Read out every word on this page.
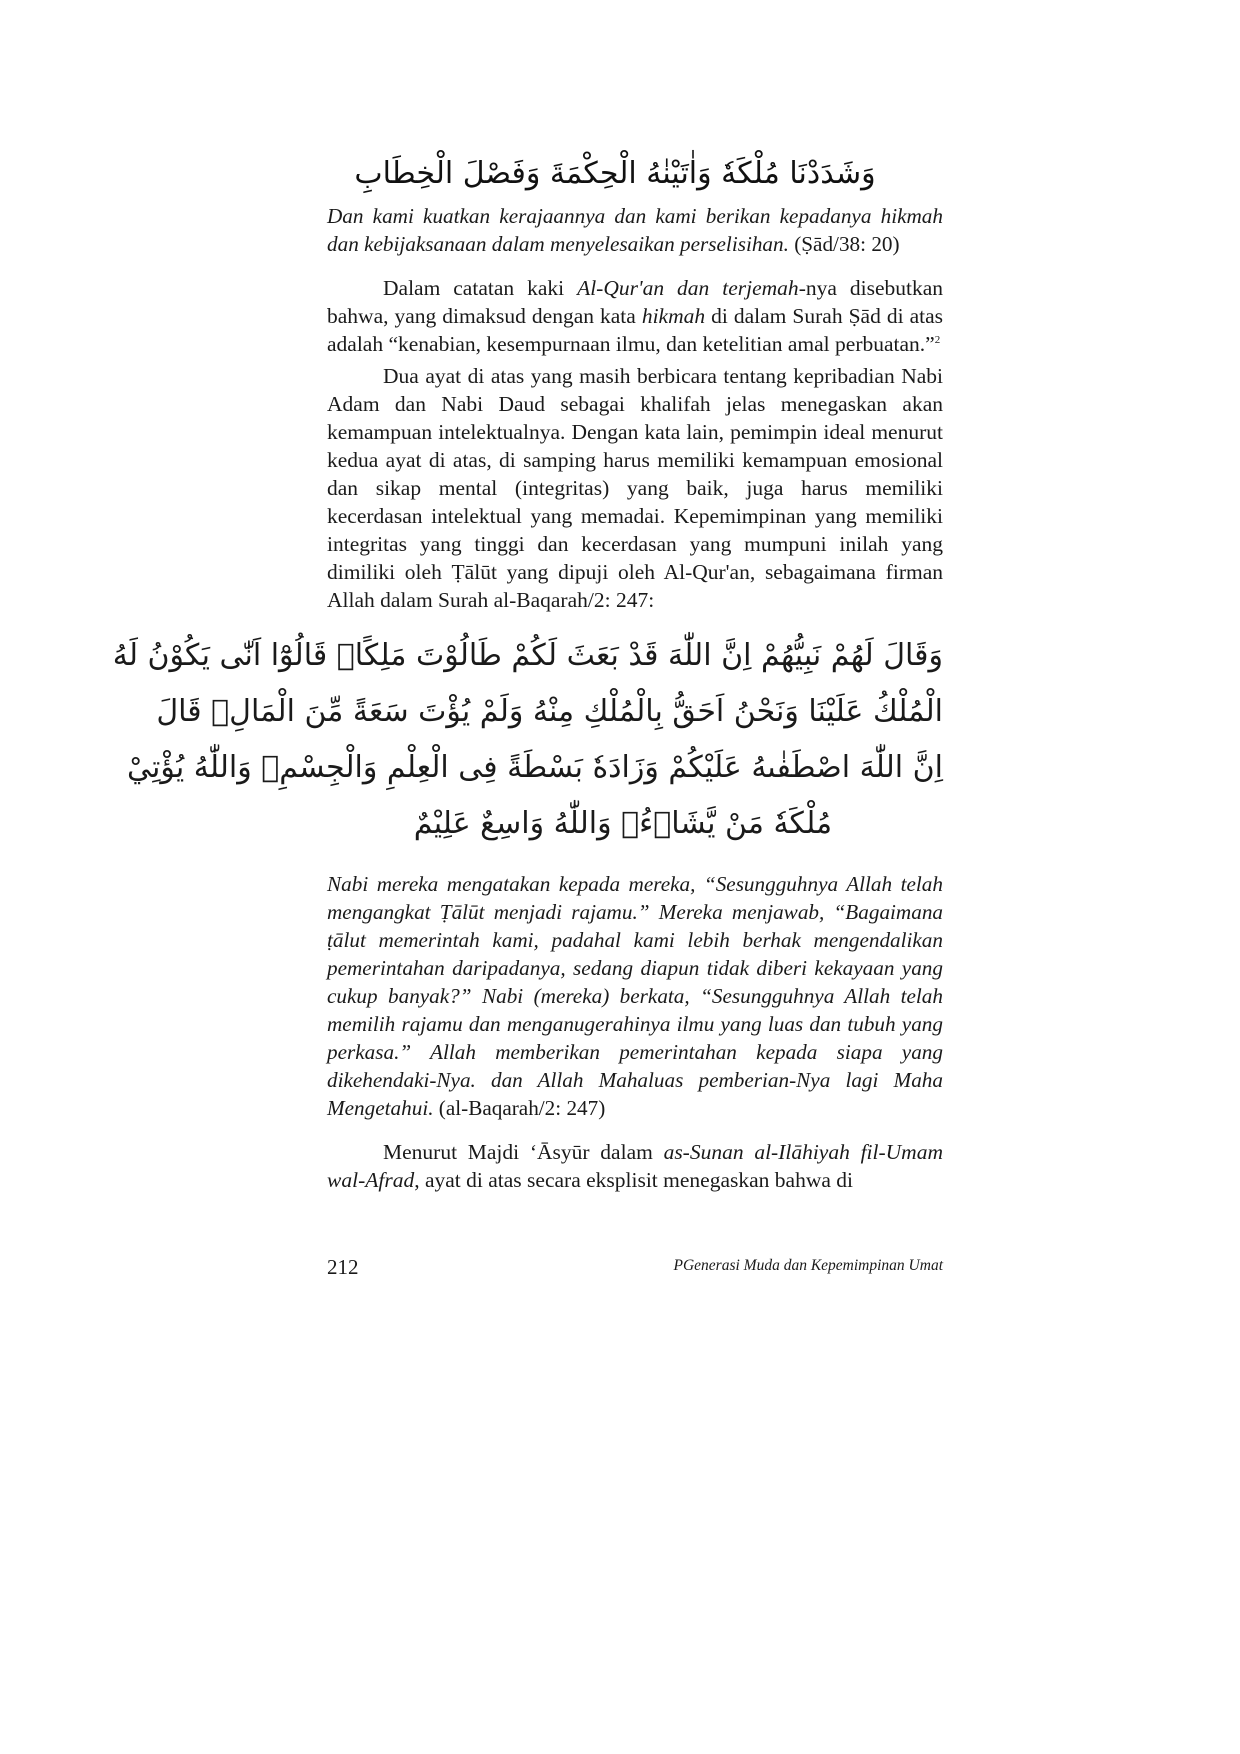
وَشَدَدْنَا مُلْكَهٗ وَاٰتَيْنٰهُ الْحِكْمَةَ وَفَصْلَ الْخِطَابِ

Dan kami kuatkan kerajaannya dan kami berikan kepadanya hikmah dan kebijaksanaan dalam menyelesaikan perselisihan. (Ṣād/38: 20)

Dalam catatan kaki Al-Qur'an dan terjemah-nya disebutkan bahwa, yang dimaksud dengan kata hikmah di dalam Surah Ṣād di atas adalah “kenabian, kesempurnaan ilmu, dan ketelitian amal perbuatan.”$^2$

Dua ayat di atas yang masih berbicara tentang kepribadian Nabi Adam dan Nabi Daud sebagai khalifah jelas menegaskan akan kemampuan intelektualnya. Dengan kata lain, pemimpin ideal menurut kedua ayat di atas, di samping harus memiliki kemampuan emosional dan sikap mental (integritas) yang baik, juga harus memiliki kecerdasan intelektual yang memadai. Kepemimpinan yang memiliki integritas yang tinggi dan kecerdasan yang mumpuni inilah yang dimiliki oleh Ṭālūt yang dipuji oleh Al-Qur'an, sebagaimana firman Allah dalam Surah al-Baqarah/2: 247:

وَقَالَ لَهُمْ نَبِيُّهُمْ اِنَّ اللّٰهَ قَدْ بَعَثَ لَكُمْ طَالُوْتَ مَلِكًاۗ قَالُوْٓا اَنّٰى يَكُوْنُ لَهُ
الْمُلْكُ عَلَيْنَا وَنَحْنُ اَحَقُّ بِالْمُلْكِ مِنْهُ وَلَمْ يُؤْتَ سَعَةً مِّنَ الْمَالِۗ قَالَ
اِنَّ اللّٰهَ اصْطَفٰىهُ عَلَيْكُمْ وَزَادَهٗ بَسْطَةً فِى الْعِلْمِ وَالْجِسْمِۗ وَاللّٰهُ يُؤْتِيْ
مُلْكَهٗ مَنْ يَّشَاۤءُۗ وَاللّٰهُ وَاسِعٌ عَلِيْمٌ

Nabi mereka mengatakan kepada mereka, “Sesungguhnya Allah telah mengangkat Ṭālūt menjadi rajamu.” Mereka menjawab, “Bagaimana ṭālut memerintah kami, padahal kami lebih berhak mengendalikan pemerintahan daripadanya, sedang diapun tidak diberi kekayaan yang cukup banyak?” Nabi (mereka) berkata, “Sesungguhnya Allah telah memilih rajamu dan menganugerahinya ilmu yang luas dan tubuh yang perkasa.” Allah memberikan pemerintahan kepada siapa yang dikehendaki-Nya. dan Allah Mahaluas pemberian-Nya lagi Maha Mengetahui. (al-Baqarah/2: 247)

Menurut Majdi ‘Āsyūr dalam as-Sunan al-Ilāhiyah fil-Umam wal-Afrad, ayat di atas secara eksplisit menegaskan bahwa di

212	PGenerasi Muda dan Kepemimpinan Umat
